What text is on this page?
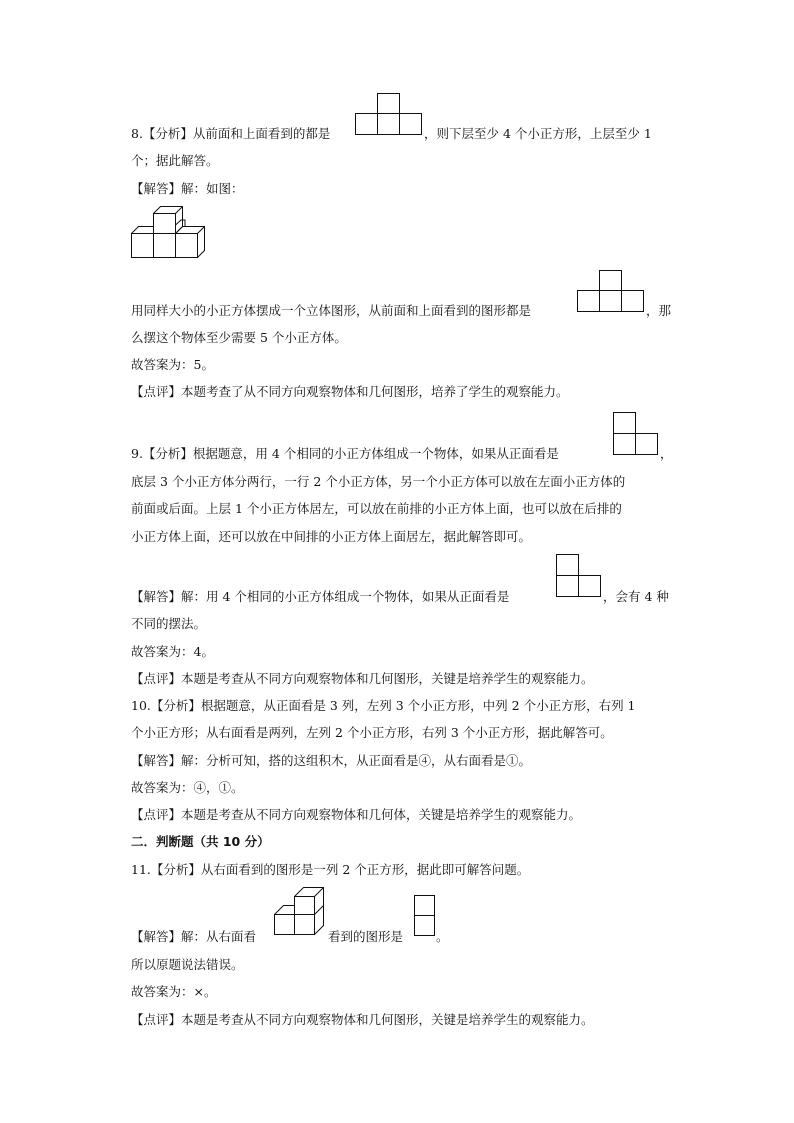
8.【分析】从前面和上面看到的都是	，则下层至少 4 个小正方形，上层至少 1
个；据此解答。
【解答】解：如图：
用同样大小的小正方体摆成一个立体图形，从前面和上面看到的图形都是	，那
么摆这个物体至少需要 5 个小正方体。
故答案为：5。
【点评】本题考查了从不同方向观察物体和几何图形，培养了学生的观察能力。
9.【分析】根据题意，用 4 个相同的小正方体组成一个物体，如果从正面看是	，
底层 3 个小正方体分两行，一行 2 个小正方体，另一个小正方体可以放在左面小正方体的
前面或后面。上层 1 个小正方体居左，可以放在前排的小正方体上面，也可以放在后排的
小正方体上面，还可以放在中间排的小正方体上面居左，据此解答即可。
【解答】解：用 4 个相同的小正方体组成一个物体，如果从正面看是	，会有 4 种
不同的摆法。
故答案为：4。
【点评】本题是考查从不同方向观察物体和几何图形，关键是培养学生的观察能力。
10.【分析】根据题意，从正面看是 3 列，左列 3 个小正方形，中列 2 个小正方形，右列 1
个小正方形；从右面看是两列，左列 2 个小正方形，右列 3 个小正方形，据此解答可。
【解答】解：分析可知，搭的这组积木，从正面看是④，从右面看是①。
故答案为：④，①。
【点评】本题是考查从不同方向观察物体和几何体，关键是培养学生的观察能力。
二．判断题（共 10 分）
11.【分析】从右面看到的图形是一列 2 个正方形，据此即可解答问题。
【解答】解：从右面看	看到的图形是	。
所以原题说法错误。
故答案为：×。
【点评】本题是考查从不同方向观察物体和几何图形，关键是培养学生的观察能力。
